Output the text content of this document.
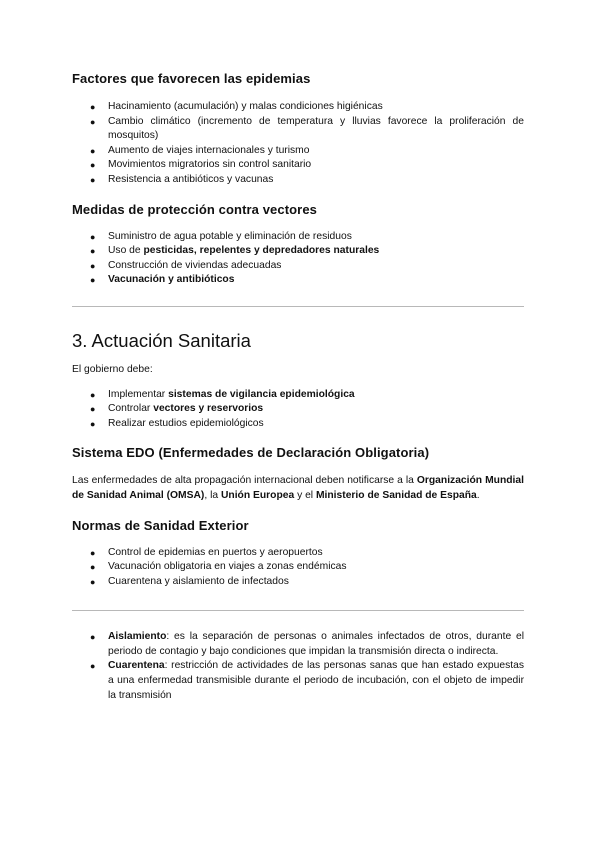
Factores que favorecen las epidemias
● Hacinamiento (acumulación) y malas condiciones higiénicas
● Cambio climático (incremento de temperatura y lluvias favorece la proliferación de mosquitos)
● Aumento de viajes internacionales y turismo
● Movimientos migratorios sin control sanitario
● Resistencia a antibióticos y vacunas
Medidas de protección contra vectores
● Suministro de agua potable y eliminación de residuos
● Uso de pesticidas, repelentes y depredadores naturales
● Construcción de viviendas adecuadas
● Vacunación y antibióticos
3. Actuación Sanitaria

El gobierno debe:

● Implementar sistemas de vigilancia epidemiológica
● Controlar vectores y reservorios
● Realizar estudios epidemiológicos
Sistema EDO (Enfermedades de Declaración Obligatoria)

Las enfermedades de alta propagación internacional deben notificarse a la Organización Mundial de Sanidad Animal (OMSA), la Unión Europea y el Ministerio de Sanidad de España.

Normas de Sanidad Exterior
● Control de epidemias en puertos y aeropuertos
● Vacunación obligatoria en viajes a zonas endémicas
● Cuarentena y aislamiento de infectados
● Aislamiento: es la separación de personas o animales infectados de otros, durante el periodo de contagio y bajo condiciones que impidan la transmisión directa o indirecta.
● Cuarentena: restricción de actividades de las personas sanas que han estado expuestas a una enfermedad transmisible durante el periodo de incubación, con el objeto de impedir la transmisión
